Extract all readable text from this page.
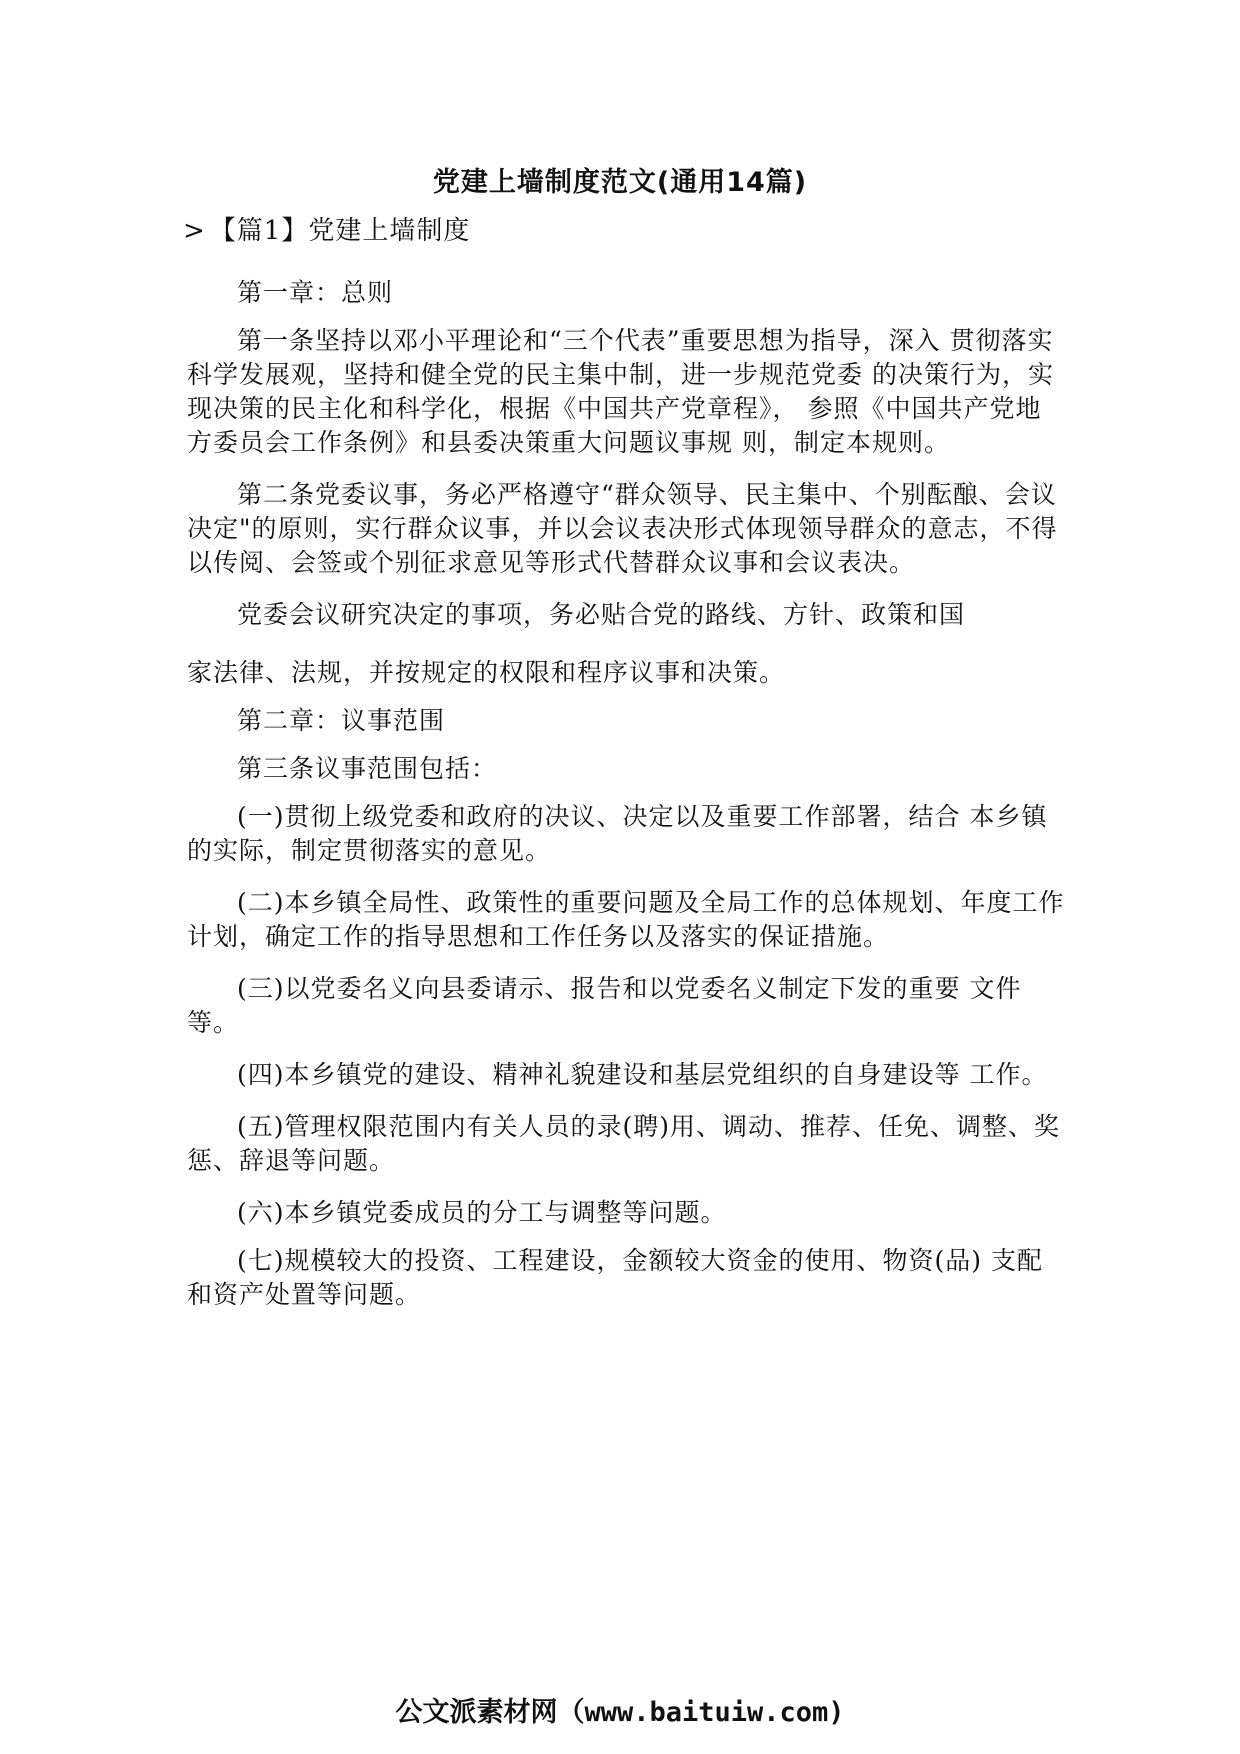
党建上墙制度范文(通用14篇)
> 【篇1】党建上墙制度

第一章：总则

第一条坚持以邓小平理论和“三个代表”重要思想为指导，深入 贯彻落实科学发展观，坚持和健全党的民主集中制，进一步规范党委 的决策行为，实现决策的民主化和科学化，根据《中国共产党章程》， 参照《中国共产党地方委员会工作条例》和县委决策重大问题议事规 则，制定本规则。

第二条党委议事，务必严格遵守“群众领导、民主集中、个别酝酿、会议决定"的原则，实行群众议事，并以会议表决形式体现领导群众的意志，不得以传阅、会签或个别征求意见等形式代替群众议事和会议表决。

党委会议研究决定的事项，务必贴合党的路线、方针、政策和国

家法律、法规，并按规定的权限和程序议事和决策。

第二章：议事范围

第三条议事范围包括：

(一)贯彻上级党委和政府的决议、决定以及重要工作部署，结合 本乡镇的实际，制定贯彻落实的意见。

(二)本乡镇全局性、政策性的重要问题及全局工作的总体规划、年度工作计划，确定工作的指导思想和工作任务以及落实的保证措施。

(三)以党委名义向县委请示、报告和以党委名义制定下发的重要 文件等。

(四)本乡镇党的建设、精神礼貌建设和基层党组织的自身建设等 工作。

(五)管理权限范围内有关人员的录(聘)用、调动、推荐、任免、调整、奖惩、辞退等问题。

(六)本乡镇党委成员的分工与调整等问题。

(七)规模较大的投资、工程建设，金额较大资金的使用、物资(品) 支配和资产处置等问题。

公文派素材网（www.baituiw.com)
